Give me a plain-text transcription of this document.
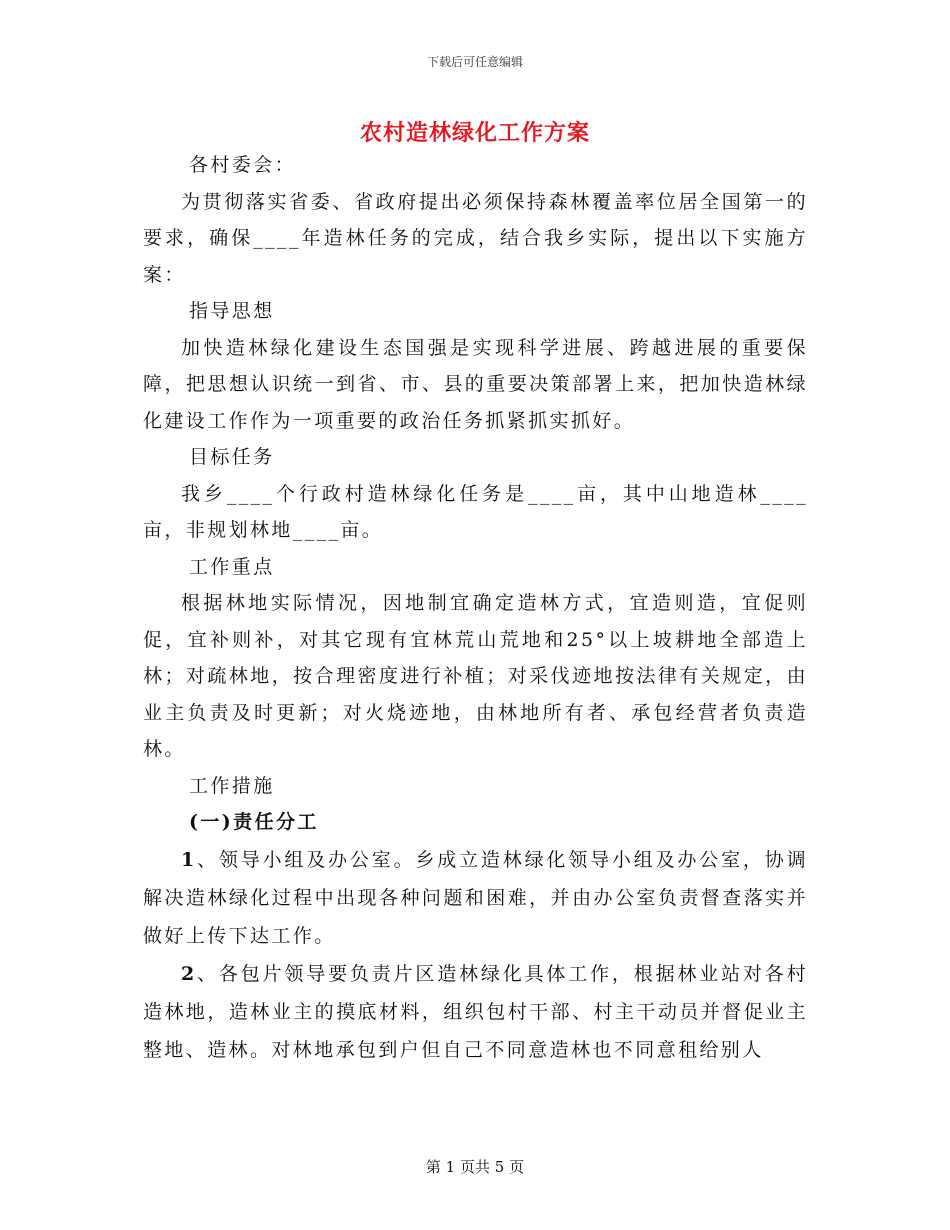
下载后可任意编辑
农村造林绿化工作方案

各村委会：

为贯彻落实省委、省政府提出必须保持森林覆盖率位居全国第一的要求，确保____年造林任务的完成，结合我乡实际，提出以下实施方案：

指导思想

加快造林绿化建设生态国强是实现科学进展、跨越进展的重要保障，把思想认识统一到省、市、县的重要决策部署上来，把加快造林绿化建设工作作为一项重要的政治任务抓紧抓实抓好。

目标任务

我乡____个行政村造林绿化任务是____亩，其中山地造林____亩，非规划林地____亩。

工作重点

根据林地实际情况，因地制宜确定造林方式，宜造则造，宜促则促，宜补则补，对其它现有宜林荒山荒地和25°以上坡耕地全部造上林；对疏林地，按合理密度进行补植；对采伐迹地按法律有关规定，由业主负责及时更新；对火烧迹地，由林地所有者、承包经营者负责造林。

工作措施

(一)责任分工

1、领导小组及办公室。乡成立造林绿化领导小组及办公室，协调解决造林绿化过程中出现各种问题和困难，并由办公室负责督查落实并做好上传下达工作。

2、各包片领导要负责片区造林绿化具体工作，根据林业站对各村造林地，造林业主的摸底材料，组织包村干部、村主干动员并督促业主整地、造林。对林地承包到户但自己不同意造林也不同意租给别人

第 1 页共 5 页
